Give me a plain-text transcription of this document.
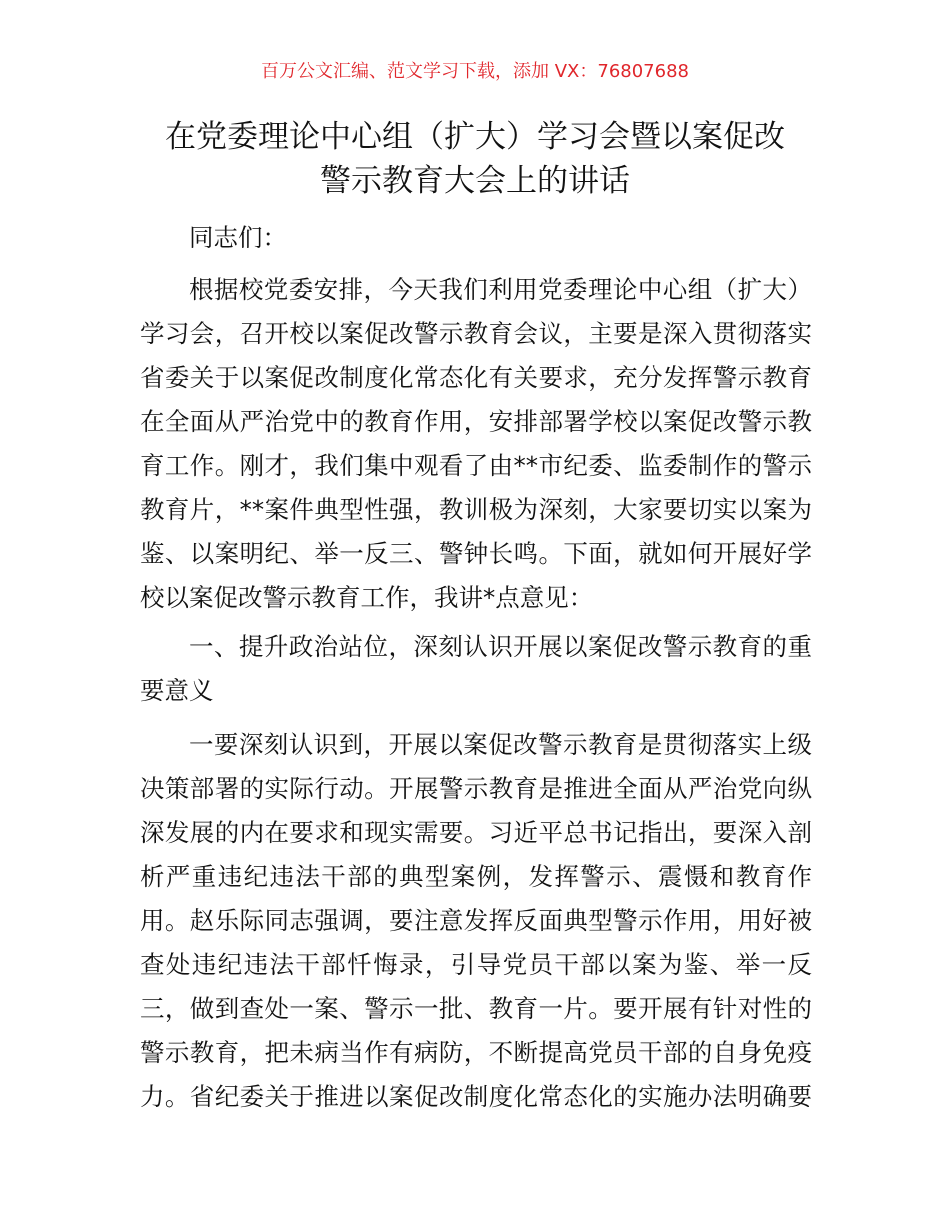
百万公文汇编、范文学习下载，添加 VX：76807688
在党委理论中心组（扩大）学习会暨以案促改
警示教育大会上的讲话
同志们：
根据校党委安排，今天我们利用党委理论中心组（扩大）
学习会，召开校以案促改警示教育会议，主要是深入贯彻落实
省委关于以案促改制度化常态化有关要求，充分发挥警示教育
在全面从严治党中的教育作用，安排部署学校以案促改警示教
育工作。刚才，我们集中观看了由**市纪委、监委制作的警示
教育片，**案件典型性强，教训极为深刻，大家要切实以案为
鉴、以案明纪、举一反三、警钟长鸣。下面，就如何开展好学
校以案促改警示教育工作，我讲*点意见：
一、提升政治站位，深刻认识开展以案促改警示教育的重
要意义
一要深刻认识到，开展以案促改警示教育是贯彻落实上级
决策部署的实际行动。开展警示教育是推进全面从严治党向纵
深发展的内在要求和现实需要。习近平总书记指出，要深入剖
析严重违纪违法干部的典型案例，发挥警示、震慑和教育作
用。赵乐际同志强调，要注意发挥反面典型警示作用，用好被
查处违纪违法干部忏悔录，引导党员干部以案为鉴、举一反
三，做到查处一案、警示一批、教育一片。要开展有针对性的
警示教育，把未病当作有病防，不断提高党员干部的自身免疫
力。省纪委关于推进以案促改制度化常态化的实施办法明确要
